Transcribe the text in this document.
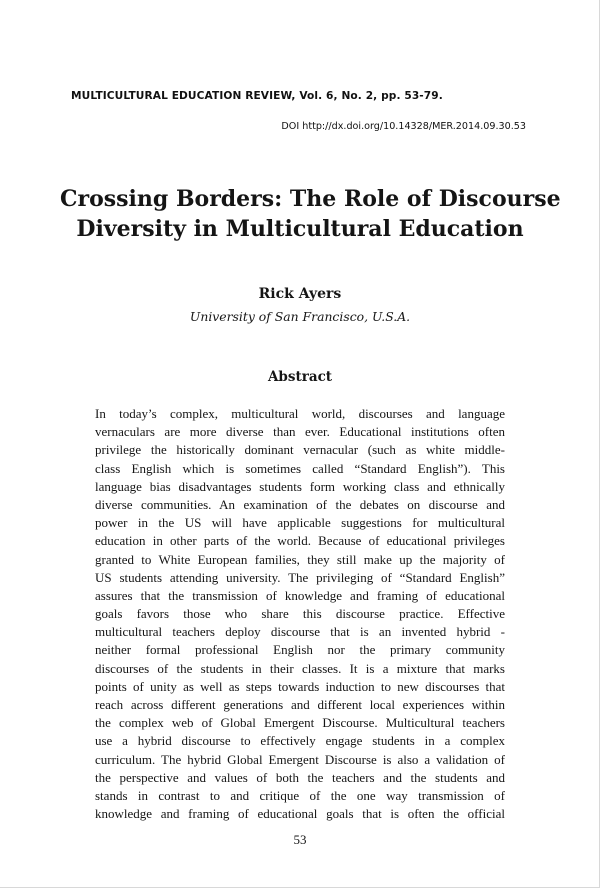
MULTICULTURAL EDUCATION REVIEW, Vol. 6, No. 2, pp. 53-79.
DOI http://dx.doi.org/10.14328/MER.2014.09.30.53
Crossing Borders: The Role of Discourse
Diversity in Multicultural Education
Rick Ayers
University of San Francisco, U.S.A.
Abstract
In today’s complex, multicultural world, discourses and language
vernaculars are more diverse than ever. Educational institutions often
privilege the historically dominant vernacular (such as white middle-
class English which is sometimes called “Standard English”). This
language bias disadvantages students form working class and ethnically
diverse communities. An examination of the debates on discourse and
power in the US will have applicable suggestions for multicultural
education in other parts of the world. Because of educational privileges
granted to White European families, they still make up the majority of
US students attending university. The privileging of “Standard English”
assures that the transmission of knowledge and framing of educational
goals favors those who share this discourse practice. Effective
multicultural teachers deploy discourse that is an invented hybrid -
neither formal professional English nor the primary community
discourses of the students in their classes. It is a mixture that marks
points of unity as well as steps towards induction to new discourses that
reach across different generations and different local experiences within
the complex web of Global Emergent Discourse. Multicultural teachers
use a hybrid discourse to effectively engage students in a complex
curriculum. The hybrid Global Emergent Discourse is also a validation of
the perspective and values of both the teachers and the students and
stands in contrast to and critique of the one way transmission of
knowledge and framing of educational goals that is often the official
53
